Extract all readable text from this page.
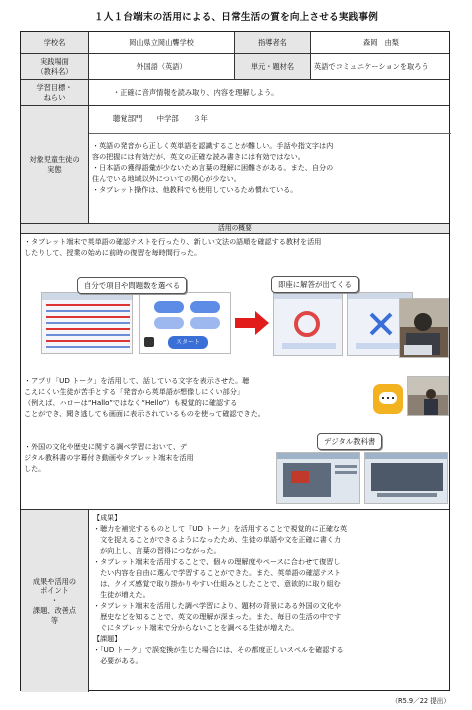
１人１台端末の活用による、日常生活の質を向上させる実践事例
学校名	岡山県立岡山聾学校	指導者名	森岡　由梨
実践場面
（教科名）
外国語（英語）	単元・題材名	英語でコミュニケーションを取ろう
学習目標・
ねらい
・正確に音声情報を読み取り、内容を理解しよう。
対象児童生徒の
実態
聴覚部門　　中学部　　３年

・英語の発音から正しく英単語を認識することが難しい。手話や指文字は内

容の把握には有効だが、英文の正確な読み書きには有効ではない。

・日本語の獲得語彙が少ないため言葉の理解に困難さがある。また、自分の

住んでいる地域以外についての関心が少ない。

・タブレット操作は、他教科でも使用しているため慣れている。

活用の概要

・タブレット端末で英単語の確認テストを行ったり、新しい文法の語順を確認する教材を活用

したりして、授業の始めに前時の復習を毎時間行った。

スタート
自分で項目や問題数を選べる	即座に解答が出てくる

・アプリ「UD トーク」を活用して、話している文字を表示させた。聴

こえにくい生徒が苦手とする「発音から英単語が想像しにくい部分」

（例えば、ハローは“Hallo”ではなく“Hello”）も視覚的に確認する

ことができ、聞き逃しても画面に表示されているものを使って確認できた。

・外国の文化や歴史に関する調べ学習において、デ

ジタル教科書の字幕付き動画やタブレット端末を活用

した。

デジタル教科書
成果や活用の
ポイント
・
課題、改善点
等

【成果】

・聴力を補完するものとして「UD トーク」を活用することで視覚的に正確な英

　文を捉えることができるようになったため、生徒の単語や文を正確に書く力

　が向上し、言葉の習得につながった。

・タブレット端末を活用することで、個々の理解度やペースに合わせて復習し

　たい内容を自由に選んで学習することができた。また、英単語の確認テスト

　は、クイズ感覚で取り掛かりやすい仕組みとしたことで、意欲的に取り組む

　生徒が増えた。

・タブレット端末を活用した調べ学習により、題材の背景にある外国の文化や

　歴史などを知ることで、英文の理解が深まった。また、毎日の生活の中です

　ぐにタブレット端末で分からないことを調べる生徒が増えた。

【課題】

・「UD トーク」で誤変換が生じた場合には、その都度正しいスペルを確認する

　必要がある。

（R5.9／22 提出）
